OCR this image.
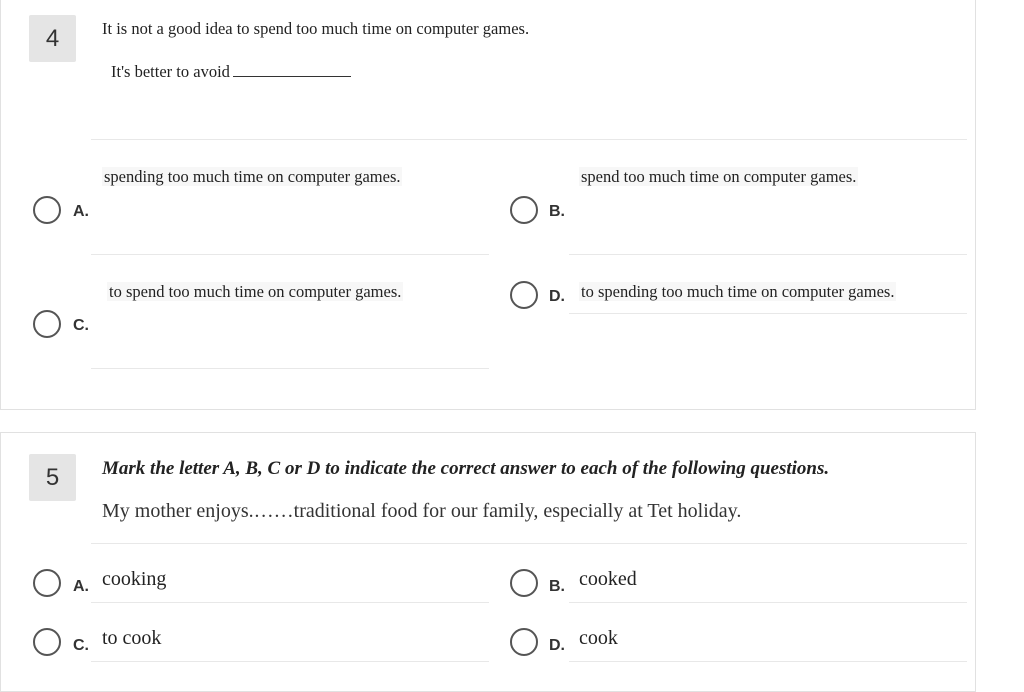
4	It is not a good idea to spend too much time on computer games.
It's better to avoid
A.
spending too much time on computer games.
B.
spend too much time on computer games.
C.
to spend too much time on computer games.	D. to spending too much time on computer games.
5	Mark the letter A, B, C or D to indicate the correct answer to each of the following questions.
My mother enjoys.……traditional food for our family, especially at Tet holiday.
A. cooking	B. cooked
C. to cook	D. cook
